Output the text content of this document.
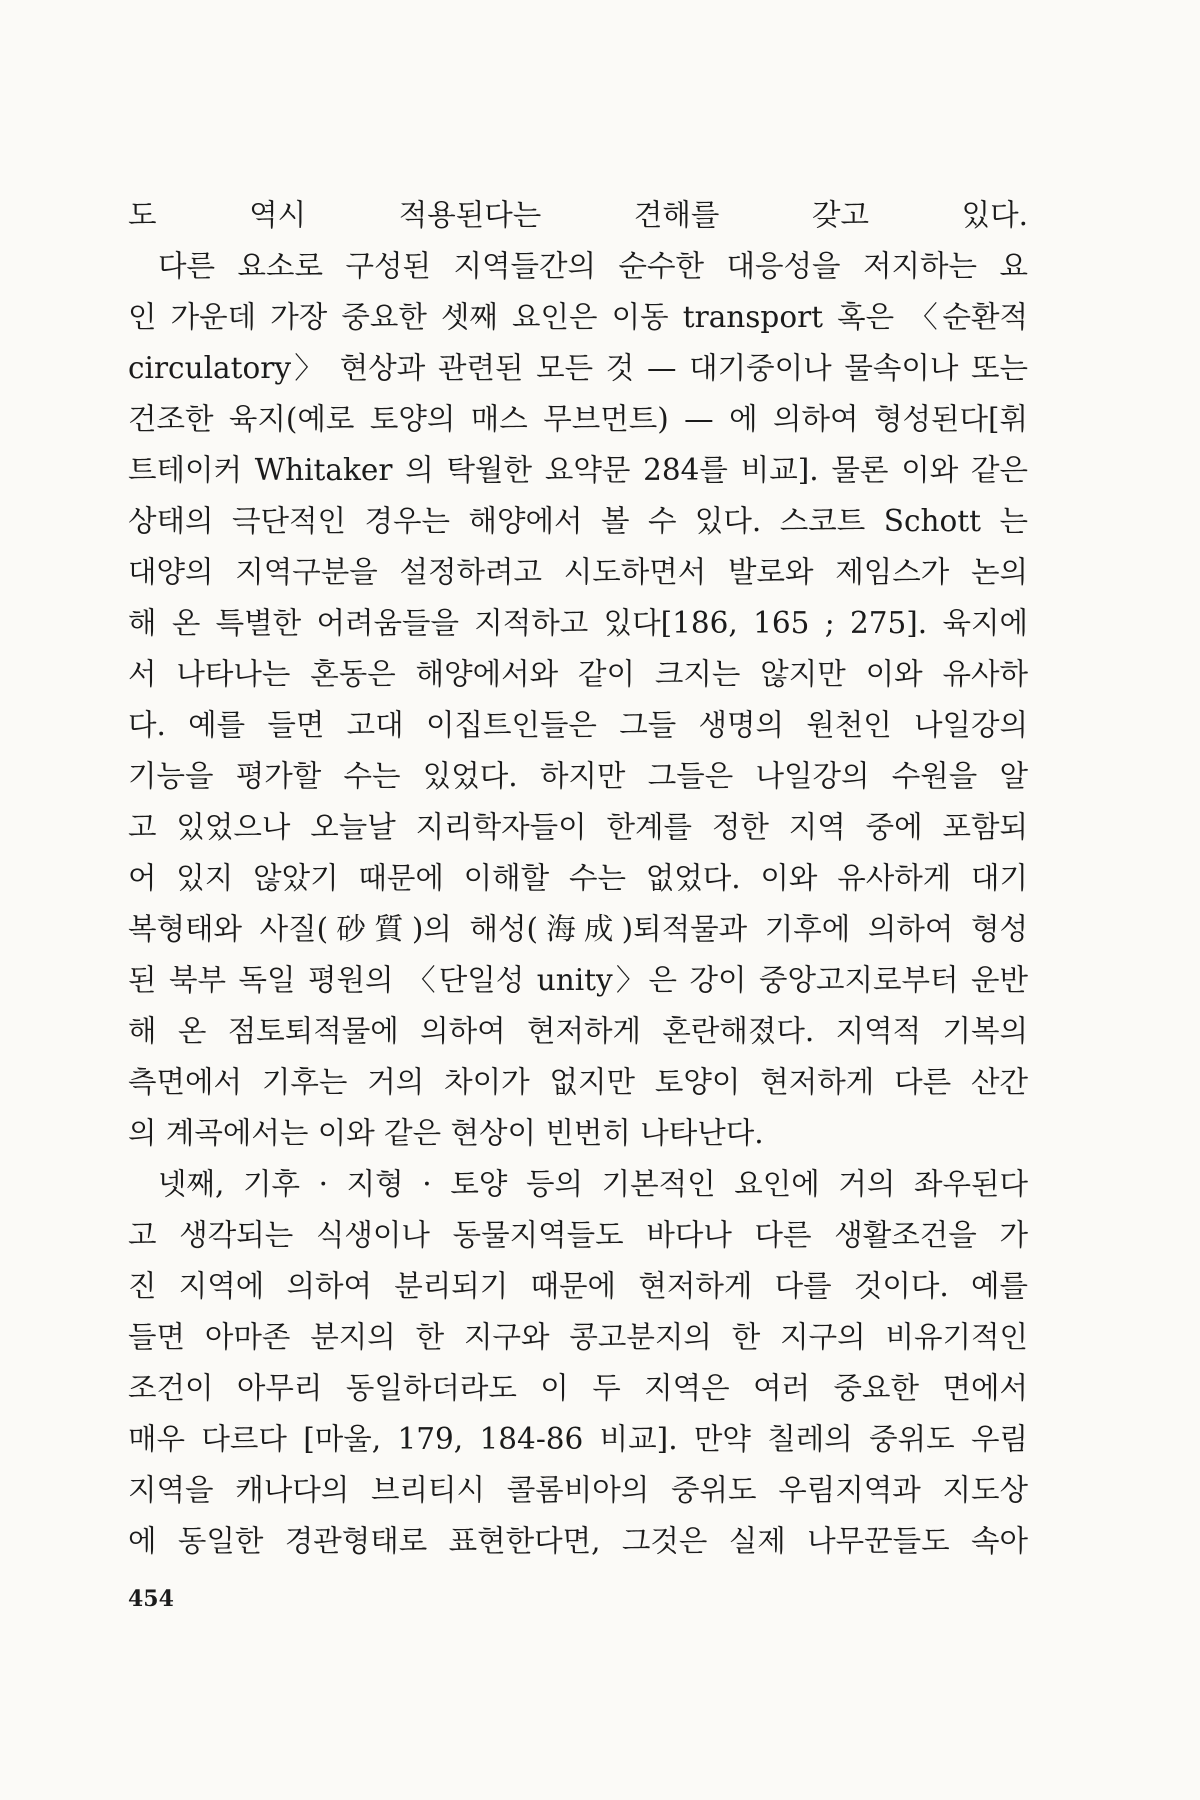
도 역시 적용된다는 견해를 갖고 있다.
다른 요소로 구성된 지역들간의 순수한 대응성을 저지하는 요
인 가운데 가장 중요한 셋째 요인은 이동 transport 혹은 〈순환적
circulatory〉 현상과 관련된 모든 것 — 대기중이나 물속이나 또는
건조한 육지(예로 토양의 매스 무브먼트) — 에 의하여 형성된다[휘
트테이커 Whitaker 의 탁월한 요약문 284를 비교]. 물론 이와 같은
상태의 극단적인 경우는 해양에서 볼 수 있다. 스코트 Schott 는
대양의 지역구분을 설정하려고 시도하면서 발로와 제임스가 논의
해 온 특별한 어려움들을 지적하고 있다[186, 165 ; 275]. 육지에
서 나타나는 혼동은 해양에서와 같이 크지는 않지만 이와 유사하
다. 예를 들면 고대 이집트인들은 그들 생명의 원천인 나일강의
기능을 평가할 수는 있었다. 하지만 그들은 나일강의 수원을 알
고 있었으나 오늘날 지리학자들이 한계를 정한 지역 중에 포함되
어 있지 않았기 때문에 이해할 수는 없었다. 이와 유사하게 대기
복형태와 사질(砂質)의 해성(海成)퇴적물과 기후에 의하여 형성
된 북부 독일 평원의 〈단일성 unity〉은 강이 중앙고지로부터 운반
해 온 점토퇴적물에 의하여 현저하게 혼란해졌다. 지역적 기복의
측면에서 기후는 거의 차이가 없지만 토양이 현저하게 다른 산간
의 계곡에서는 이와 같은 현상이 빈번히 나타난다.
넷째, 기후 · 지형 · 토양 등의 기본적인 요인에 거의 좌우된다
고 생각되는 식생이나 동물지역들도 바다나 다른 생활조건을 가
진 지역에 의하여 분리되기 때문에 현저하게 다를 것이다. 예를
들면 아마존 분지의 한 지구와 콩고분지의 한 지구의 비유기적인
조건이 아무리 동일하더라도 이 두 지역은 여러 중요한 면에서
매우 다르다 [마울, 179, 184-86 비교]. 만약 칠레의 중위도 우림
지역을 캐나다의 브리티시 콜롬비아의 중위도 우림지역과 지도상
에 동일한 경관형태로 표현한다면, 그것은 실제 나무꾼들도 속아
454
